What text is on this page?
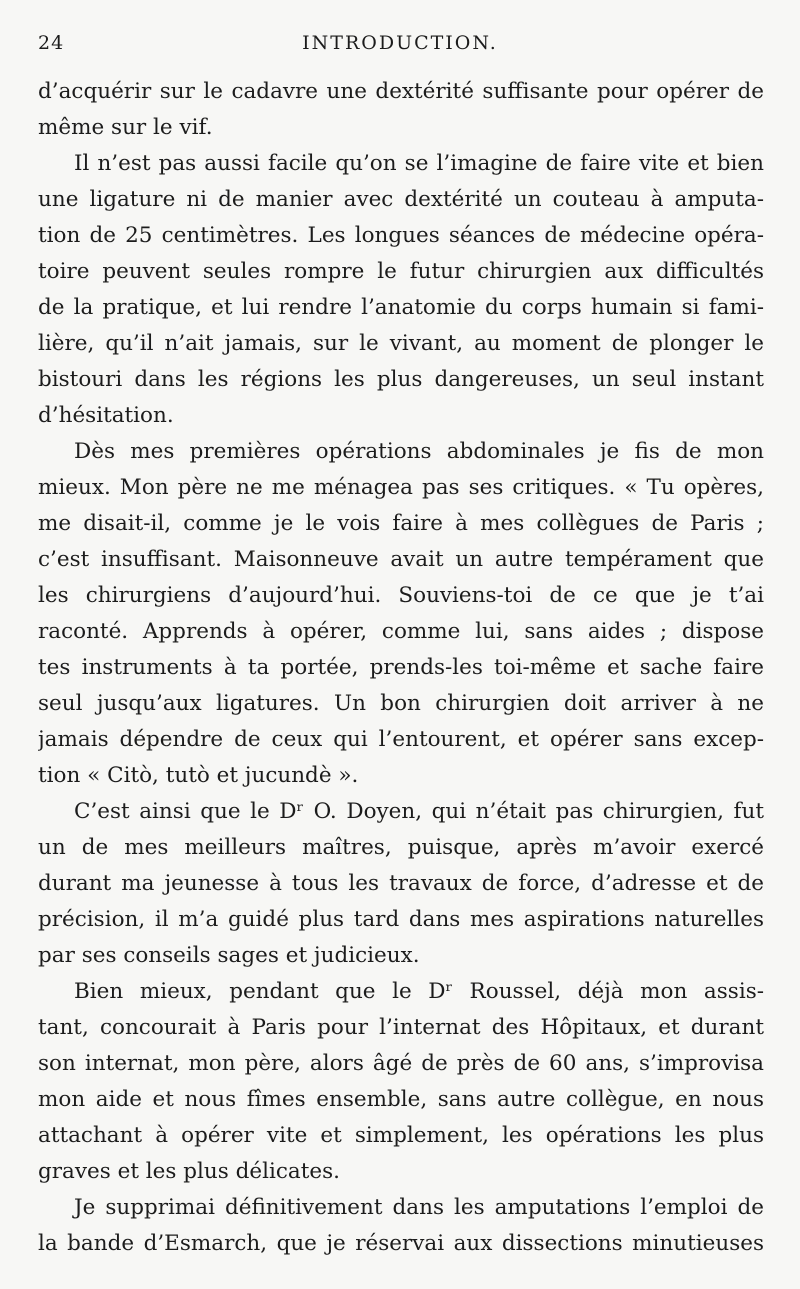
24	INTRODUCTION.
d’acquérir sur le cadavre une dextérité suffisante pour opérer de
même sur le vif.
Il n’est pas aussi facile qu’on se l’imagine de faire vite et bien
une ligature ni de manier avec dextérité un couteau à amputa-
tion de 25 centimètres. Les longues séances de médecine opéra-
toire peuvent seules rompre le futur chirurgien aux difficultés
de la pratique, et lui rendre l’anatomie du corps humain si fami-
lière, qu’il n’ait jamais, sur le vivant, au moment de plonger le
bistouri dans les régions les plus dangereuses, un seul instant
d’hésitation.
Dès mes premières opérations abdominales je fis de mon
mieux. Mon père ne me ménagea pas ses critiques. « Tu opères,
me disait-il, comme je le vois faire à mes collègues de Paris ;
c’est insuffisant. Maisonneuve avait un autre tempérament que
les chirurgiens d’aujourd’hui. Souviens-toi de ce que je t’ai
raconté. Apprends à opérer, comme lui, sans aides ; dispose
tes instruments à ta portée, prends-les toi-même et sache faire
seul jusqu’aux ligatures. Un bon chirurgien doit arriver à ne
jamais dépendre de ceux qui l’entourent, et opérer sans excep-
tion « Citò, tutò et jucundè ».
C’est ainsi que le Dʳ O. Doyen, qui n’était pas chirurgien, fut
un de mes meilleurs maîtres, puisque, après m’avoir exercé
durant ma jeunesse à tous les travaux de force, d’adresse et de
précision, il m’a guidé plus tard dans mes aspirations naturelles
par ses conseils sages et judicieux.
Bien mieux, pendant que le Dʳ Roussel, déjà mon assis-
tant, concourait à Paris pour l’internat des Hôpitaux, et durant
son internat, mon père, alors âgé de près de 60 ans, s’improvisa
mon aide et nous fîmes ensemble, sans autre collègue, en nous
attachant à opérer vite et simplement, les opérations les plus
graves et les plus délicates.
Je supprimai définitivement dans les amputations l’emploi de
la bande d’Esmarch, que je réservai aux dissections minutieuses
